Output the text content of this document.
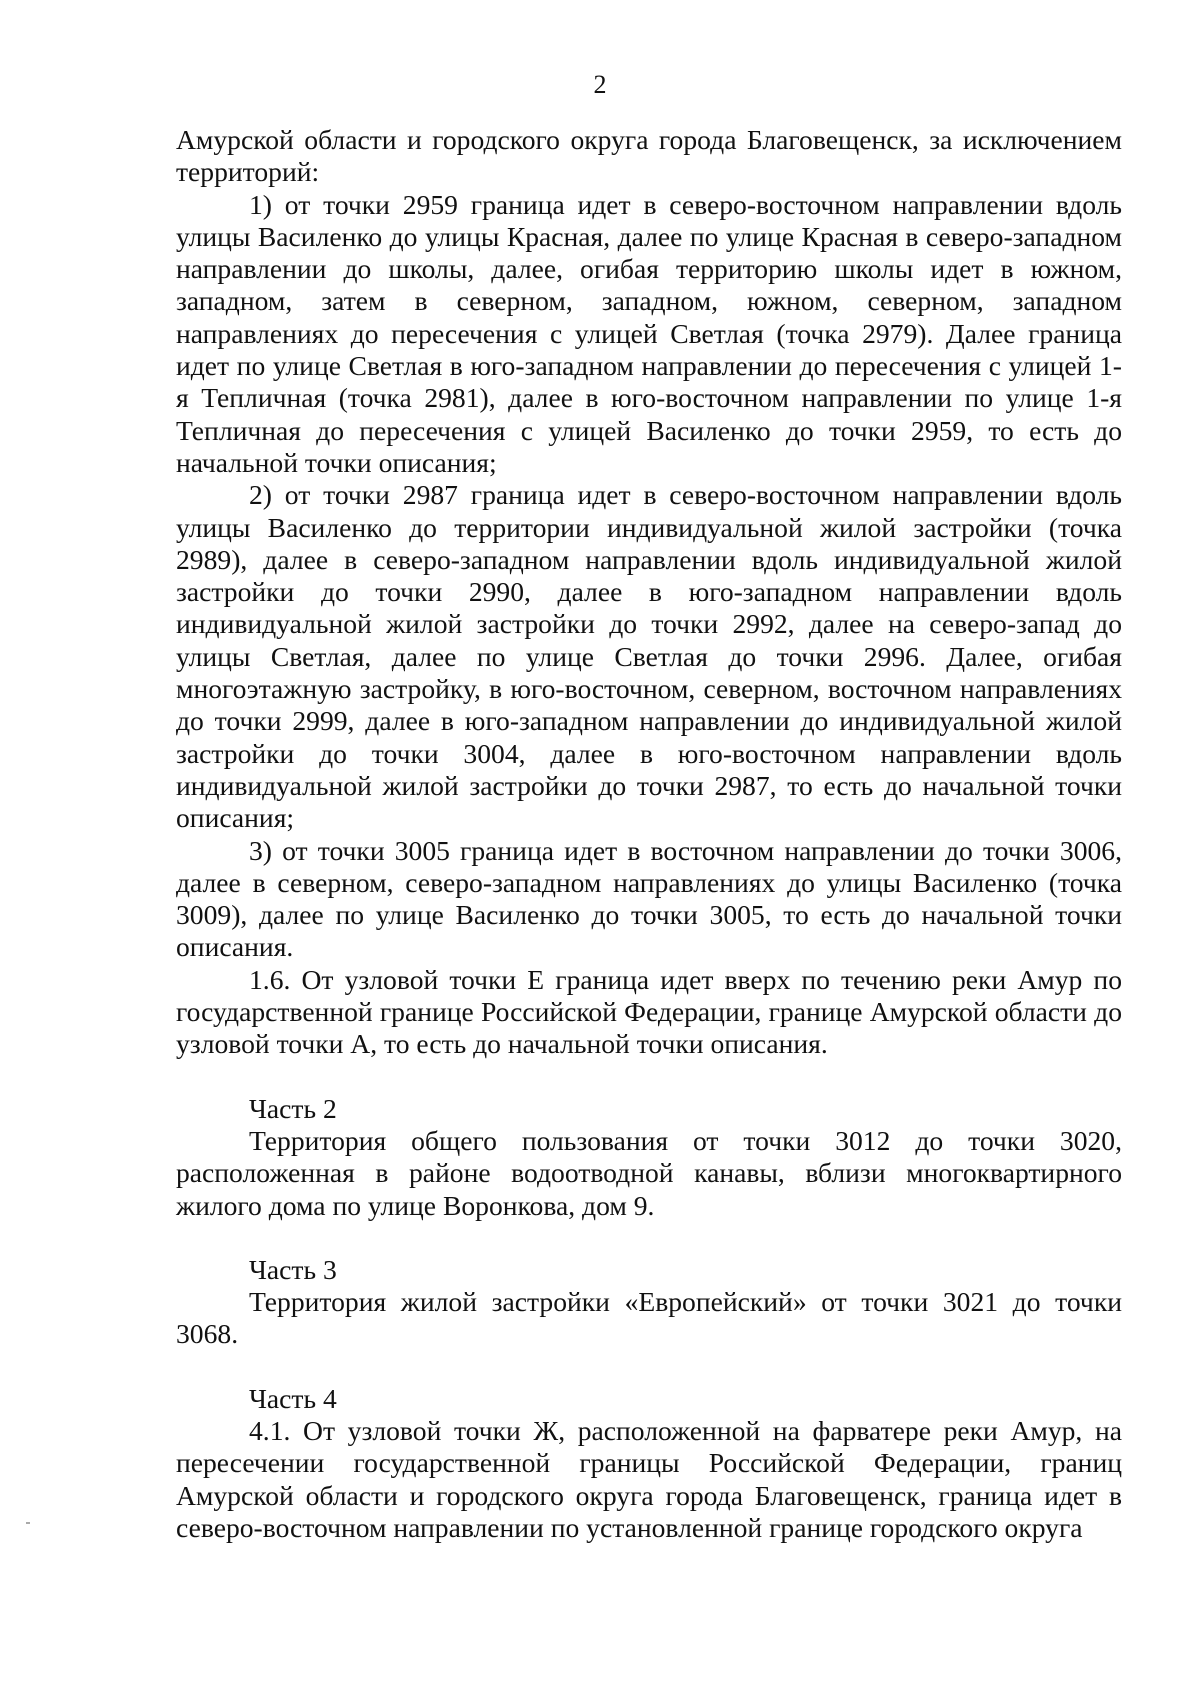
2

Амурской области и городского округа города Благовещенск, за исключением территорий:

1) от точки 2959 граница идет в северо-восточном направлении вдоль улицы Василенко до улицы Красная, далее по улице Красная в северо-западном направлении до школы, далее, огибая территорию школы идет в южном, западном, затем в северном, западном, южном, северном, западном направлениях до пересечения с улицей Светлая (точка 2979). Далее граница идет по улице Светлая в юго-западном направлении до пересечения с улицей 1-я Тепличная (точка 2981), далее в юго-восточном направлении по улице 1-я Тепличная до пересечения с улицей Василенко до точки 2959, то есть до начальной точки описания;

2) от точки 2987 граница идет в северо-восточном направлении вдоль улицы Василенко до территории индивидуальной жилой застройки (точка 2989), далее в северо-западном направлении вдоль индивидуальной жилой застройки до точки 2990, далее в юго-западном направлении вдоль индивидуальной жилой застройки до точки 2992, далее на северо-запад до улицы Светлая, далее по улице Светлая до точки 2996. Далее, огибая многоэтажную застройку, в юго-восточном, северном, восточном направлениях до точки 2999, далее в юго-западном направлении до индивидуальной жилой застройки до точки 3004, далее в юго-восточном направлении вдоль индивидуальной жилой застройки до точки 2987, то есть до начальной точки описания;

3) от точки 3005 граница идет в восточном направлении до точки 3006, далее в северном, северо-западном направлениях до улицы Василенко (точка 3009), далее по улице Василенко до точки 3005, то есть до начальной точки описания.

1.6. От узловой точки Е граница идет вверх по течению реки Амур по государственной границе Российской Федерации, границе Амурской области до узловой точки А, то есть до начальной точки описания.

Часть 2

Территория общего пользования от точки 3012 до точки 3020, расположенная в районе водоотводной канавы, вблизи многоквартирного жилого дома по улице Воронкова, дом 9.

Часть 3

Территория жилой застройки «Европейский» от точки 3021 до точки 3068.

Часть 4

4.1. От узловой точки Ж, расположенной на фарватере реки Амур, на пересечении государственной границы Российской Федерации, границ Амурской области и городского округа города Благовещенск, граница идет в северо-восточном направлении по установленной границе городского округа
